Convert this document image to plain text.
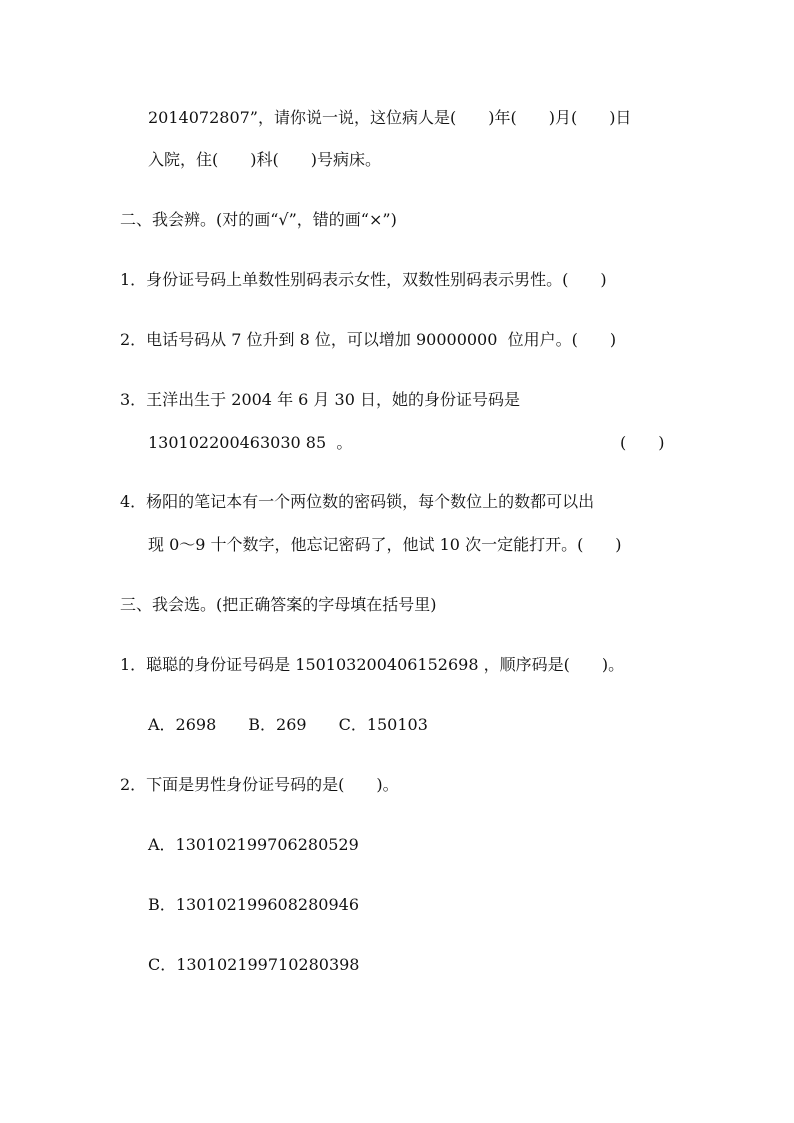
2014072807”，请你说一说，这位病人是(　　)年(　　)月(　　)日
入院，住(　　)科(　　)号病床。
二、我会辨。(对的画“√”，错的画“×”)
1．身份证号码上单数性别码表示女性，双数性别码表示男性。(　　)
2．电话号码从 7 位升到 8 位，可以增加 90000000  位用户。(　　)
3．王洋出生于 2004 年 6 月 30 日，她的身份证号码是
130102200463030 85  。	(　　)
4．杨阳的笔记本有一个两位数的密码锁，每个数位上的数都可以出
现 0～9 十个数字，他忘记密码了，他试 10 次一定能打开。(　　)
三、我会选。(把正确答案的字母填在括号里)
1．聪聪的身份证号码是 150103200406152698 ，顺序码是(　　)。
A．2698　　B．269　　C．150103
2．下面是男性身份证号码的是(　　)。
A．130102199706280529
B．130102199608280946
C．130102199710280398
